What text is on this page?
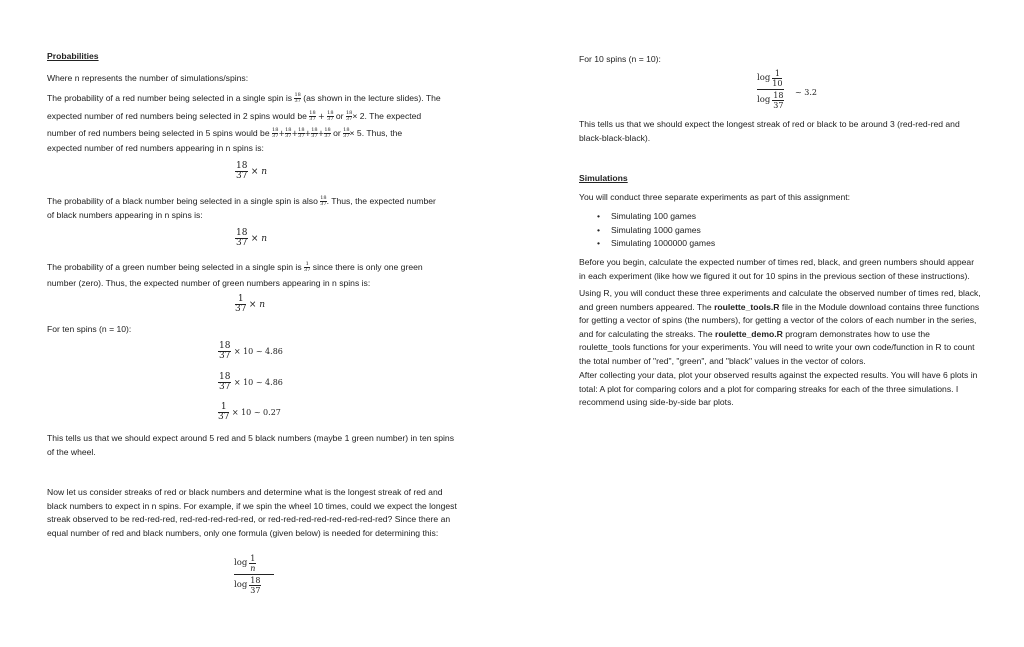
Probabilities

Where n represents the number of simulations/spins:
The probability of a red number being selected in a single spin is $\frac{18}{37} (as$ shown in the lecture slides). The
expected number of red numbers being selected in 2 spins would be $\frac{18}{37} + \frac{18}{37}$ or $\frac{18}{37} \times 2$. The expected
number of red numbers being selected in 5 spins would be $\frac{18}{37} + \frac{18}{37} + \frac{18}{37} + \frac{18}{37} + \frac{18}{37}$ or $\frac{18}{37} \times 5$. Thus, the
expected number of red numbers appearing in n spins is:
$\frac{18}{37} \times n$
The probability of a black number being selected in a single spin is also $\frac{18}{37}$ . Thus, the expected number
of black numbers appearing in n spins is:
$\frac{18}{37} \times n$
The probability of a green number being selected in a single spin is $\frac{1}{37}$ since there is only one green
number (zero). Thus, the expected number of green numbers appearing in n spins is:
$\frac{1}{37} \times n$
For ten spins (n = 10):
$\frac{18}{37} \times 10$ ~ 4.86
$\frac{18}{37} \times 10$ ~ 4.86
$\frac{1}{37} \times 10$ ~ 0.27
This tells us that we should expect around 5 red and 5 black numbers (maybe 1 green number) in ten spins of the wheel.
Now let us consider streaks of red or black numbers and determine what is the longest streak of red and black numbers to expect in n spins. For example, if we spin the wheel 10 times, could we expect the longest streak observed to be red-red-red, red-red-red-red-red, or red-red-red-red-red-red-red-red? Since there an equal number of red and black numbers, only one formula (given below) is needed for determining this:
$\log \frac{1}{n}$
$\log \frac{18}{37}$
For 10 spins (n = 10):
$\frac{\log \frac{1}{10}}{\log \frac{18}{37}}$ ~ 3.2
This tells us that we should expect the longest streak of red or black to be around 3 (red-red-red and black-black-black).

Simulations

You will conduct three separate experiments as part of this assignment:
• Simulating 100 games
• Simulating 1000 games
• Simulating 1000000 games
Before you begin, calculate the expected number of times red, black, and green numbers should appear in each experiment (like how we figured it out for 10 spins in the previous section of these instructions).
Using R, you will conduct these three experiments and calculate the observed number of times red, black, and green numbers appeared. The roulette_tools.R file in the Module download contains three functions for getting a vector of spins (the numbers), for getting a vector of the colors of each number in the series, and for calculating the streaks. The roulette_demo.R program demonstrates how to use the roulette_tools functions for your experiments. You will need to write your own code/function in R to count the total number of "red", "green", and "black" values in the vector of colors.
After collecting your data, plot your observed results against the expected results. You will have 6 plots in total: A plot for comparing colors and a plot for comparing streaks for each of the three simulations. I recommend using side-by-side bar plots.
